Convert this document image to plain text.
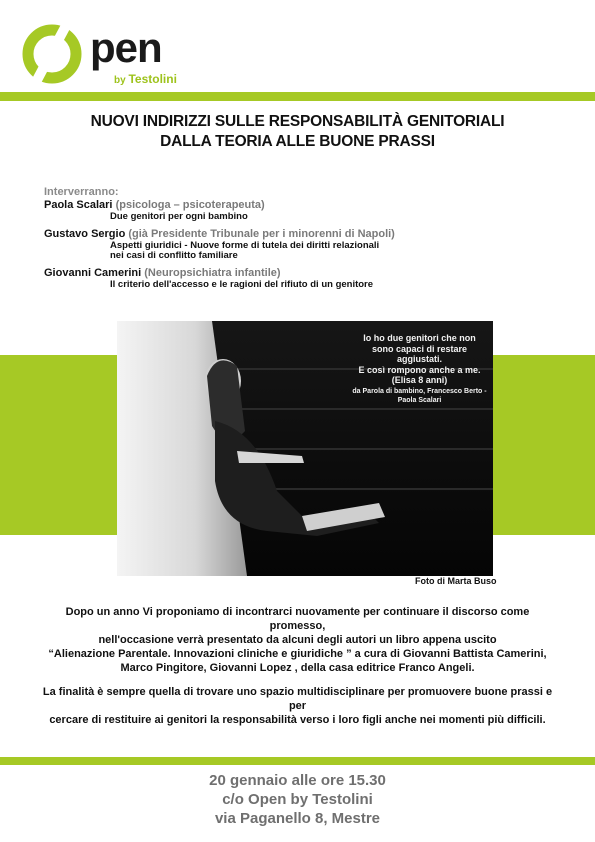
pen
by Testolini
NUOVI INDIRIZZI SULLE RESPONSABILITÀ GENITORIALI
DALLA TEORIA ALLE BUONE PRASSI
Interverranno:
Paola Scalari (psicologa – psicoterapeuta)
Due genitori per ogni bambino
Gustavo Sergio (già Presidente Tribunale per i minorenni di Napoli)
Aspetti giuridici - Nuove forme di tutela dei diritti relazionali
nei casi di conflitto familiare
Giovanni Camerini (Neuropsichiatra infantile)
Il criterio dell'accesso e le ragioni del rifiuto di un genitore
Io ho due genitori che non
sono capaci di restare aggiustati.
E così rompono anche a me.
(Elisa 8 anni)
da Parola di bambino, Francesco Berto - Paola Scalari
Foto di Marta Buso
Dopo un anno Vi proponiamo di incontrarci nuovamente per continuare il discorso come promesso,
nell'occasione verrà presentato da alcuni degli autori un libro appena uscito
“Alienazione Parentale. Innovazioni cliniche e giuridiche ” a cura di Giovanni Battista Camerini,
Marco Pingitore, Giovanni Lopez , della casa editrice Franco Angeli.
La finalità è sempre quella di trovare uno spazio multidisciplinare per promuovere buone prassi e per
cercare di restituire ai genitori la responsabilità verso i loro figli anche nei momenti più difficili.
20 gennaio alle ore 15.30
c/o Open by Testolini
via Paganello 8, Mestre
